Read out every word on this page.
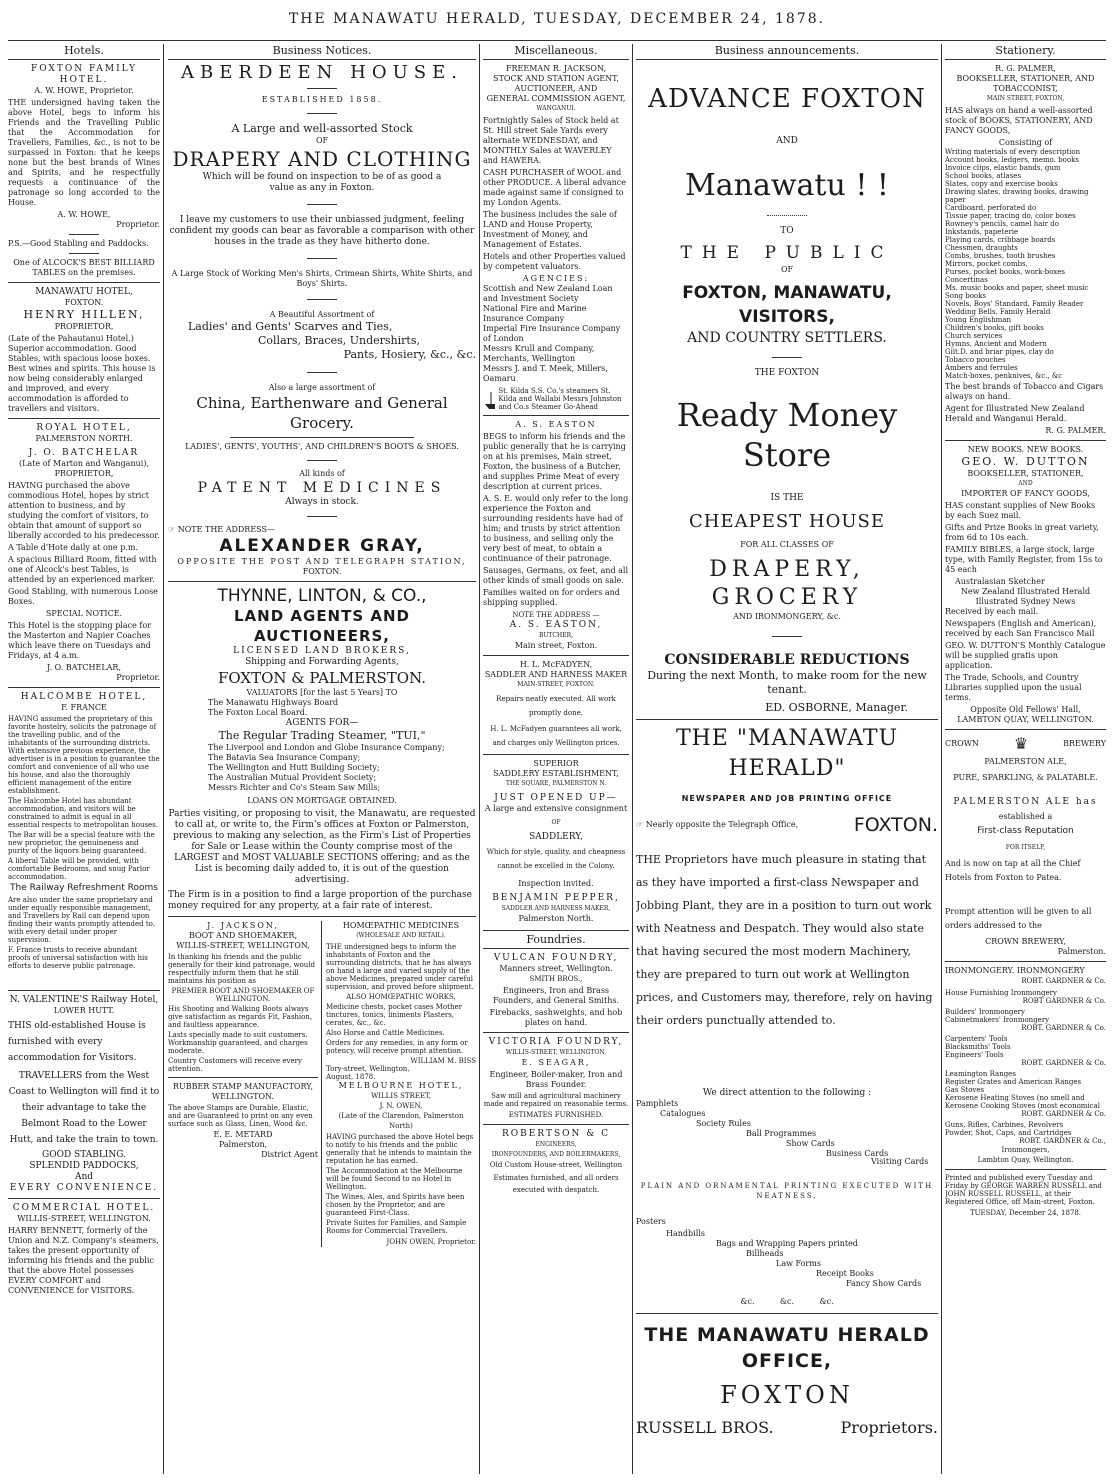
THE MANAWATU HERALD, TUESDAY, DECEMBER 24, 1878.
Hotels.
FOXTON FAMILY HOTEL.
A. W. HOWE, Proprietor.

THE undersigned having taken the above Hotel, begs to inform his Friends and the Travelling Public that the Accommodation for Travellers, Families, &c., is not to be surpassed in Foxton: that he keeps none but the best brands of Wines and Spirits, and he respectfully requests a continuance of the patronage so long accorded to the House.

A. W. HOWE,
Proprietor.
P.S.—Good Stabling and Paddocks.
One of ALCOCK'S BEST BILLIARD TABLES on the premises.
MANAWATU HOTEL,
FOXTON.
HENRY HILLEN,
PROPRIETOR,

(Late of the Pahautanui Hotel.) Superior accommodation. Good Stables, with spacious loose boxes. Best wines and spirits. This house is now being considerably enlarged and improved, and every accommodation is afforded to travellers and visitors.

ROYAL HOTEL,
PALMERSTON NORTH.
J. O. BATCHELAR
(Late of Marton and Wanganui),
PROPRIETOR,

HAVING purchased the above commodious Hotel, hopes by strict attention to business, and by studying the comfort of visitors, to obtain that amount of support so liberally accorded to his predecessor.

A Table d'Hote daily at one p.m.

A spacious Billiard Room, fitted with one of Alcock's best Tables, is attended by an experienced marker.

Good Stabling, with numerous Loose Boxes.

SPECIAL NOTICE.

This Hotel is the stopping place for the Masterton and Napier Coaches which leave there on Tuesdays and Fridays, at 4 a.m.

J. O. BATCHELAR,
Proprietor.
HALCOMBE HOTEL,
F. FRANCE

HAVING assumed the proprietary of this favorite hostelry, solicits the patronage of the travelling public, and of the inhabitants of the surrounding districts. With extensive previous experience, the advertiser is in a position to guarantee the comfort and convenience of all who use his house, and also the thoroughly efficient management of the entire establishment.

The Halcombe Hotel has abundant accommodation, and visitors will be constrained to admit is equal in all essential respects to metropolitan houses.

The Bar will be a special feature with the new proprietor, the genuineness and purity of the liquors being guaranteed.

A liberal Table will be provided, with comfortable Bedrooms, and snug Parlor accommodation.

The Railway Refreshment Rooms

Are also under the same proprietary and under equally responsible management, and Travellers by Rail can depend upon finding their wants promptly attended to, with every detail under proper supervision.

F. France trusts to receive abundant proofs of universal satisfaction with his efforts to deserve public patronage.

N. VALENTINE'S Railway Hotel,
LOWER HUTT.

THIS old-established House is furnished with every accommodation for Visitors.

TRAVELLERS from the West Coast to Wellington will find it to their advantage to take the Belmont Road to the Lower Hutt, and take the train to town.

GOOD STABLING.
SPLENDID PADDOCKS,
And
EVERY CONVENIENCE.
COMMERCIAL HOTEL.
WILLIS-STREET, WELLINGTON.

HARRY BENNETT, formerly of the Union and N.Z. Company's steamers, takes the present opportunity of informing his friends and the public that the above Hotel possesses EVERY COMFORT and CONVENIENCE for VISITORS.

Business Notices.
ABERDEEN HOUSE.
ESTABLISHED 1858.
A Large and well-assorted Stock
OF
DRAPERY AND CLOTHING
Which will be found on inspection to be of as good a value as any in Foxton.

I leave my customers to use their unbiassed judgment, feeling confident my goods can bear as favorable a comparison with other houses in the trade as they have hitherto done.

A Large Stock of Working Men's Shirts, Crimean Shirts, White Shirts, and Boys' Shirts.

A Beautiful Assortment of
Ladies' and Gents' Scarves and Ties,
Collars, Braces, Undershirts,
Pants, Hosiery, &c., &c.
Also a large assortment of
China, Earthenware and General Grocery.
LADIES', GENTS', YOUTHS', AND CHILDREN'S BOOTS & SHOES.
All kinds of
PATENT MEDICINES
Always in stock.
☞ NOTE THE ADDRESS—
ALEXANDER GRAY,
OPPOSITE THE POST AND TELEGRAPH STATION,
FOXTON.
THYNNE, LINTON, & CO.,
LAND AGENTS AND AUCTIONEERS,
LICENSED LAND BROKERS,
Shipping and Forwarding Agents,
FOXTON & PALMERSTON.
VALUATORS [for the last 5 Years] TO
The Manawatu Highways Board
The Foxton Local Board.
AGENTS FOR—
The Regular Trading Steamer, "TUI,"
The Liverpool and London and Globe Insurance Company;
The Batavia Sea Insurance Company;
The Wellington and Hutt Building Society;
The Australian Mutual Provident Society;
Messrs Richter and Co's Steam Saw Mills;
LOANS ON MORTGAGE OBTAINED.

Parties visiting, or proposing to visit, the Manawatu, are requested to call at, or write to, the Firm's offices at Foxton or Palmerston, previous to making any selection, as the Firm's List of Properties for Sale or Lease within the County comprise most of the LARGEST and MOST VALUABLE SECTIONS offering; and as the List is becoming daily added to, it is out of the question advertising.

The Firm is in a position to find a large proportion of the purchase money required for any property, at a fair rate of interest.

J. JACKSON,
BOOT AND SHOEMAKER,
WILLIS-STREET, WELLINGTON,

In thanking his friends and the public generally for their kind patronage, would respectfully inform them that he still maintains his position as

PREMIER BOOT AND SHOEMAKER OF WELLINGTON.

His Shooting and Walking Boots always give satisfaction as regards Fit, Fashion, and faultless appearance.

Lasts specially made to suit customers. Workmanship guaranteed, and charges moderate.

Country Customers will receive every attention.

RUBBER STAMP MANUFACTORY,
WELLINGTON.

The above Stamps are Durable, Elastic, and are Guaranteed to print on any even surface such as Glass, Linen, Wood &c.

E. E. METARD
Palmerston,
District Agent
HOMŒPATHIC MEDICINES
(WHOLESALE AND RETAIL).

THE undersigned begs to inform the inhabitants of Foxton and the surrounding districts, that he has always on hand a large and varied supply of the above Medicines, prepared under careful supervision, and proved before shipment.

ALSO HOMŒPATHIC WORKS,

Medicine chests, pocket cases Mother tinctures, tonics, liniments Plasters, cerates, &c., &c.

Also Horse and Cattle Medicines.

Orders for any remedies, in any form or potency, will receive prompt attention.

WILLIAM M. BISS
Tory-street, Wellington,
August, 1878.
MELBOURNE HOTEL,
WILLIS STREET,
J. N. OWEN,
(Late of the Clarendon, Palmerston North)

HAVING purchased the above Hotel begs to notify to his friends and the public generally that he intends to maintain the reputation he has earned.

The Accommodation at the Melbourne will be found Second to no Hotel in Wellington.

The Wines, Ales, and Spirits have been chosen by the Proprietor, and are guaranteed First-Class.

Private Suites for Families, and Sample Rooms for Commercial Travellers.

JOHN OWEN, Proprietor.
Miscellaneous.
FREEMAN R. JACKSON,
STOCK AND STATION AGENT,
AUCTIONEER, AND
GENERAL COMMISSION AGENT,
WANGANUI.

Fortnightly Sales of Stock held at St. Hill street Sale Yards every alternate WEDNESDAY, and MONTHLY Sales at WAVERLEY and HAWERA.

CASH PURCHASER of WOOL and other PRODUCE. A liberal advance made against same if consigned to my London Agents.

The business includes the sale of LAND and House Property, Investment of Money, and Management of Estates.

Hotels and other Properties valued by competent valuators.

AGENCIES:
Scottish and New Zealand Loan and Investment Society
National Fire and Marine Insurance Company
Imperial Fire Insurance Company of London
Messrs Krull and Company, Merchants, Wellington
Messrs J. and T. Meek, Millers, Oamaru
St. Kilda S.S. Co.'s steamers St. Kilda and Wallabi Messrs Johnston and Co.s Steamer Go-Ahead
A. S. EASTON

BEGS to inform his friends and the public generally that he is carrying on at his premises, Main street, Foxton, the business of a Butcher, and supplies Prime Meat of every description at current prices.

A. S. E. would only refer to the long experience the Foxton and surrounding residents have had of him; and trusts by strict attention to business, and selling only the very best of meat, to obtain a continuance of their patronage.

Sausages, Germans, ox feet, and all other kinds of small goods on sale.

Families waited on for orders and shipping supplied.

NOTE THE ADDRESS —
A. S. EASTON,
BUTCHER,
Main street, Foxton.
H. L. McFADYEN,
SADDLER AND HARNESS MAKER
MAIN-STREET, FOXTON.

Repairs neatly executed. All work promptly done.

H. L. McFadyen guarantees all work, and charges only Wellington prices.

SUPERIOR
SADDLERY ESTABLISHMENT,
THE SQUARE, PALMERSTON N.
JUST OPENED UP—
A large and extensive consignment
OF
SADDLERY,

Which for style, quality, and cheapness cannot be excelled in the Colony.

Inspection invited.
BENJAMIN PEPPER,
SADDLER AND HARNESS MAKER,
Palmerston North.
Foundries.
VULCAN FOUNDRY,
Manners street, Wellington.
SMITH BROS.,

Engineers, Iron and Brass Founders, and General Smiths.

Firebacks, sashweights, and hob plates on hand.

VICTORIA FOUNDRY,
WILLIS-STREET, WELLINGTON,
E. SEAGAR,

Engineer, Boiler-maker, Iron and Brass Founder.

Saw mill and agricultural machinery made and repaired on reasonable terms.

ESTIMATES FURNISHED.
ROBERTSON & C
ENGINEERS,
IRONFOUNDERS, AND BOILERMAKERS,
Old Custom House-street, Wellington

Estimates furnished, and all orders executed with despatch.

Business announcements.
ADVANCE FOXTON
AND
Manawatu ! !
TO
THE PUBLIC
OF
FOXTON, MANAWATU, VISITORS,
AND COUNTRY SETTLERS.
THE FOXTON
Ready Money Store
IS THE
CHEAPEST HOUSE
FOR ALL CLASSES OF
DRAPERY, GROCERY
AND IRONMONGERY, &c.
CONSIDERABLE REDUCTIONS
During the next Month, to make room for the new tenant.
ED. OSBORNE, Manager.
THE "MANAWATU HERALD"
NEWSPAPER AND JOB PRINTING OFFICE
☞ Nearly opposite the Telegraph Office,	FOXTON.

THE Proprietors have much pleasure in stating that as they have imported a first-class Newspaper and Jobbing Plant, they are in a position to turn out work with Neatness and Despatch. They would also state that having secured the most modern Machinery, they are prepared to turn out work at Wellington prices, and Customers may, therefore, rely on having their orders punctually attended to.

We direct attention to the following :
Pamphlets
Catalogues
Society Rules
Ball Programmes
Show Cards
Business Cards
Visiting Cards
PLAIN AND ORNAMENTAL PRINTING EXECUTED WITH NEATNESS,
Posters
Handbills
Bags and Wrapping Papers printed
Billheads
Law Forms
Receipt Books
Fancy Show Cards
&c.          &c.          &c.
THE MANAWATU HERALD OFFICE,
FOXTON
RUSSELL BROS.	Proprietors.
Stationery.
R. G. PALMER,
BOOKSELLER, STATIONER, AND TOBACCONIST,
MAIN STREET, FOXTON,

HAS always on hand a well-assorted stock of BOOKS, STATIONERY, AND FANCY GOODS,

Consisting of
Writing materials of every description
Account books, ledgers, memo. books
Invoice clips, elastic bands, gum
School books, atlases
Slates, copy and exercise books
Drawing slates, drawing books, drawing paper
Cardboard, perforated do
Tissue paper, tracing do, color boxes
Rowney's pencils, camel hair do
Inkstands, papeterie
Playing cards, cribbage boards
Chessmen, draughts
Combs, brushes, tooth brushes
Mirrors, pocket combs,
Purses, pocket books, work-boxes
Concertinas
Ms. music books and paper, sheet music
Song books
Novels, Boys' Standard, Family Reader
Wedding Bells, Family Herald
Young Englishman
Children's books, gift books
Church services
Hymns, Ancient and Modern
Gilt.D. and briar pipes, clay do
Tobacco pouches
Ambers and ferrules
Match-boxes, penknives, &c., &c

The best brands of Tobacco and Cigars always on hand.

Agent for Illustrated New Zealand Herald and Wanganui Herald.

R. G. PALMER.
NEW BOOKS. NEW BOOKS.
GEO. W. DUTTON
BOOKSELLER, STATIONER,
AND
IMPORTER OF FANCY GOODS,

HAS constant supplies of New Books by each Suez mail.

Gifts and Prize Books in great variety, from 6d to 10s each.

FAMILY BIBLES, a large stock, large type, with Family Register, from 15s to 45 each

Australasian Sketcher
New Zealand Illustrated Herald
Illustrated Sydney News
Received by each mail.

Newspapers (English and American), received by each San Francisco Mail

GEO. W. DUTTON'S Monthly Catalogue will be supplied gratis upon application.

The Trade, Schools, and Country Libraries supplied upon the usual terms.

Opposite Old Fellows' Hall,
LAMBTON QUAY, WELLINGTON.
CROWN ♛	BREWERY
PALMERSTON ALE,
PURE, SPARKLING, & PALATABLE.
PALMERSTON ALE has
established a
First-class Reputation
FOR ITSELF,

And is now on tap at all the Chief Hotels from Foxton to Patea.

Prompt attention will be given to all orders addressed to the

CROWN BREWERY,
Palmerston.
IRONMONGERY. IRONMONGERY
ROBT. GARDNER & Co.
House Furnishing Ironmongery
ROBT GARDNER & Co.
Builders' Ironmongery
Cabinetmakers' Ironmongery
ROBT. GARDNER & Co.
Carpenters' Tools
Blacksmiths' Tools
Engineers' Tools
ROBT. GARDNER & Co.
Leamington Ranges
Register Grates and American Ranges
Gas Stoves
Kerosene Heating Stoves (no smell and Kerosene Cooking Stoves (most economical
ROBT. GARDNER & Co.
Guns, Rifles, Carbines, Revolvers
Powder, Shot, Caps, and Cartridges
ROBT. GARDNER & Co.,
Ironmongers,
Lambton Quay, Wellington.

Printed and published every Tuesday and Friday by GEORGE WARREN RUSSELL and JOHN RUSSELL RUSSELL, at their Registered Office, off Main-street, Foxton.

TUESDAY, December 24, 1878.
